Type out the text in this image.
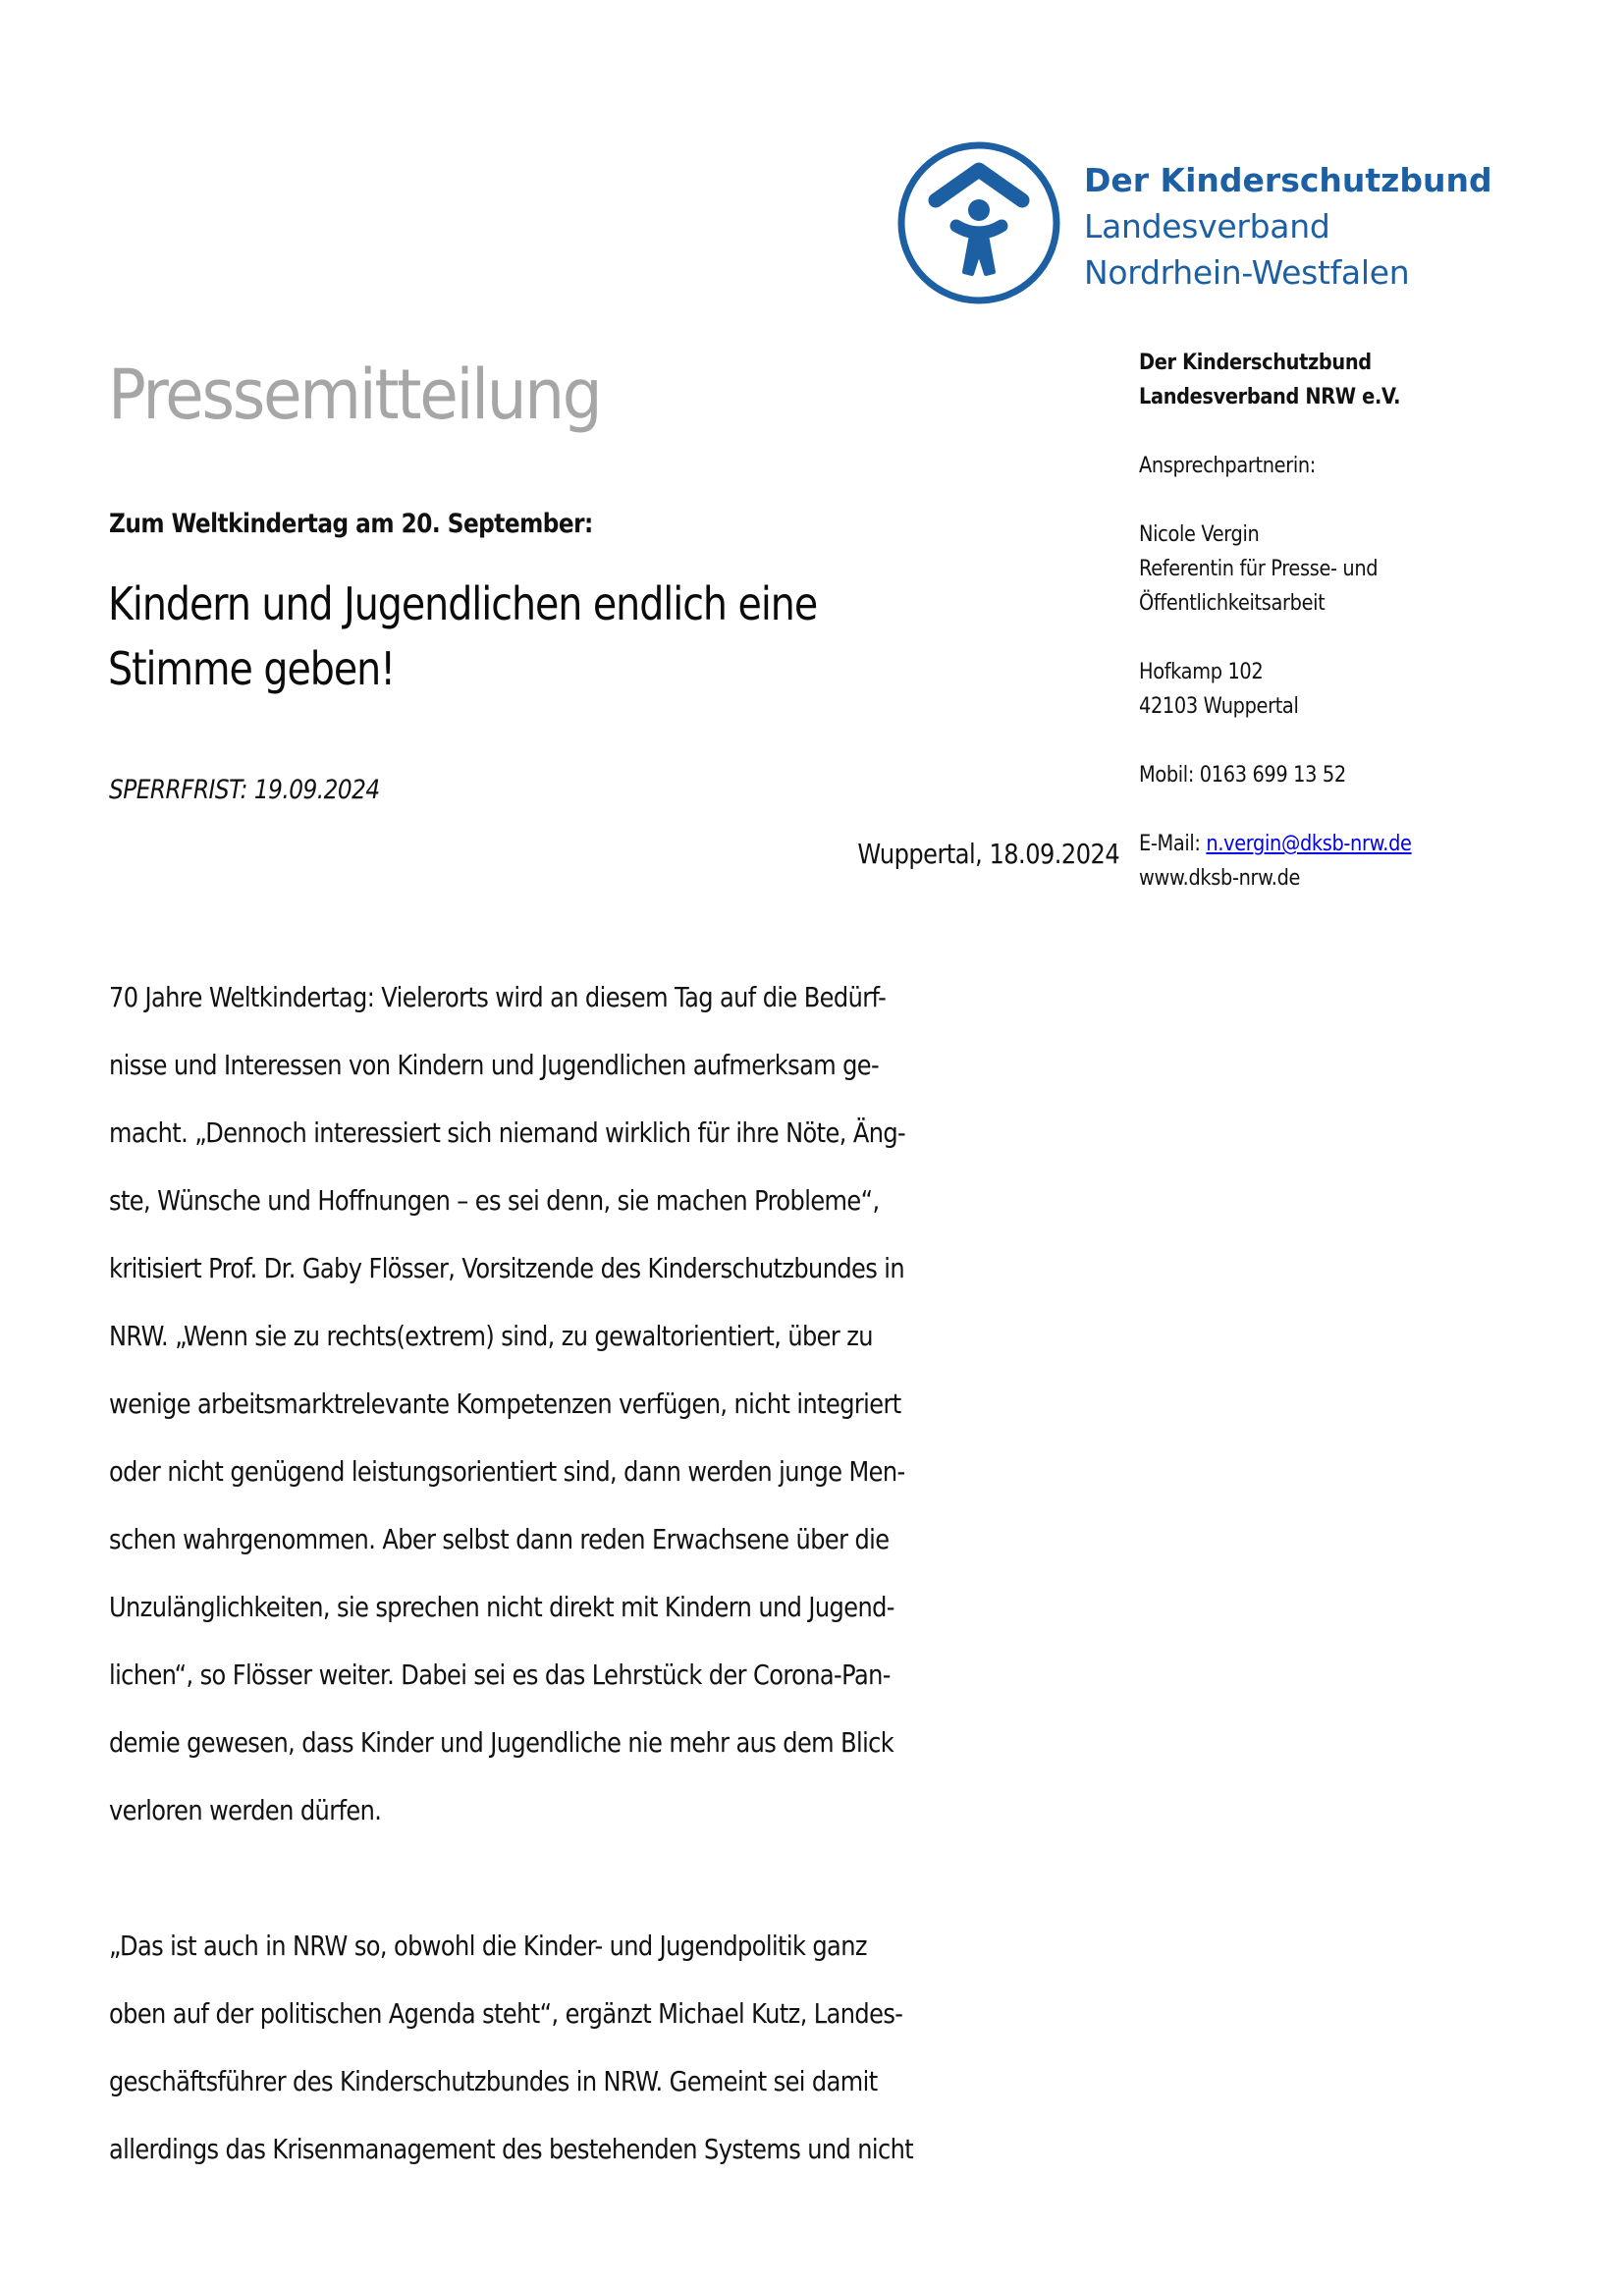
Der Kinderschutzbund
Landesverband
Nordrhein-Westfalen
Pressemitteilung
Zum Weltkindertag am 20. September:
Kindern und Jugendlichen endlich eine
Stimme geben!
SPERRFRIST: 19.09.2024
Wuppertal, 18.09.2024
Der Kinderschutzbund
Landesverband NRW e.V.
Ansprechpartnerin:
Nicole Vergin
Referentin für Presse- und
Öffentlichkeitsarbeit
Hofkamp 102
42103 Wuppertal
Mobil: 0163 699 13 52
E-Mail: n.vergin@dksb-nrw.de
www.dksb-nrw.de
70 Jahre Weltkindertag: Vielerorts wird an diesem Tag auf die Bedürf-
nisse und Interessen von Kindern und Jugendlichen aufmerksam ge-
macht. „Dennoch interessiert sich niemand wirklich für ihre Nöte, Äng-
ste, Wünsche und Hoffnungen – es sei denn, sie machen Probleme“,
kritisiert Prof. Dr. Gaby Flösser, Vorsitzende des Kinderschutzbundes in
NRW. „Wenn sie zu rechts(extrem) sind, zu gewaltorientiert, über zu
wenige arbeitsmarktrelevante Kompetenzen verfügen, nicht integriert
oder nicht genügend leistungsorientiert sind, dann werden junge Men-
schen wahrgenommen. Aber selbst dann reden Erwachsene über die
Unzulänglichkeiten, sie sprechen nicht direkt mit Kindern und Jugend-
lichen“, so Flösser weiter. Dabei sei es das Lehrstück der Corona-Pan-
demie gewesen, dass Kinder und Jugendliche nie mehr aus dem Blick
verloren werden dürfen.
„Das ist auch in NRW so, obwohl die Kinder- und Jugendpolitik ganz
oben auf der politischen Agenda steht“, ergänzt Michael Kutz, Landes-
geschäftsführer des Kinderschutzbundes in NRW. Gemeint sei damit
allerdings das Krisenmanagement des bestehenden Systems und nicht
